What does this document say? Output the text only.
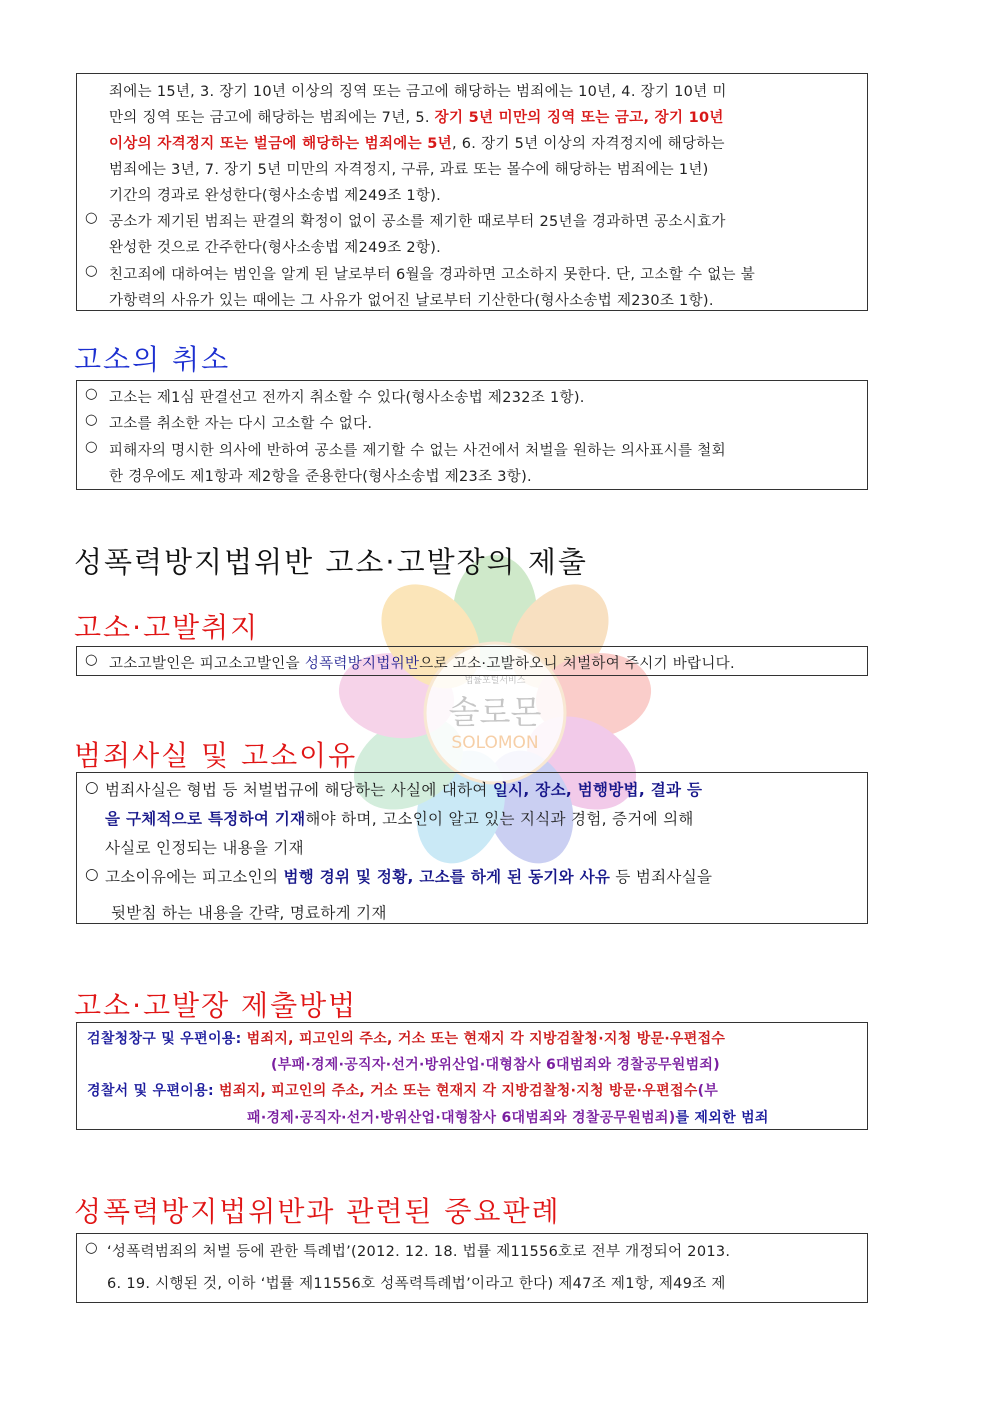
법률포털서비스
솔로몬
SOLOMON
죄에는 15년, 3. 장기 10년 이상의 징역 또는 금고에 해당하는 범죄에는 10년, 4. 장기 10년 미
만의 징역 또는 금고에 해당하는 범죄에는 7년, 5. 장기 5년 미만의 징역 또는 금고, 장기 10년
이상의 자격정지 또는 벌금에 해당하는 범죄에는 5년, 6. 장기 5년 이상의 자격정지에 해당하는
범죄에는 3년, 7. 장기 5년 미만의 자격정지, 구류, 과료 또는 몰수에 해당하는 범죄에는 1년)
기간의 경과로 완성한다(형사소송법 제249조 1항).
○ 공소가 제기된 범죄는 판결의 확정이 없이 공소를 제기한 때로부터 25년을 경과하면 공소시효가
완성한 것으로 간주한다(형사소송법 제249조 2항).
○ 친고죄에 대하여는 범인을 알게 된 날로부터 6월을 경과하면 고소하지 못한다. 단, 고소할 수 없는 불
가항력의 사유가 있는 때에는 그 사유가 없어진 날로부터 기산한다(형사소송법 제230조 1항).
고소의 취소
○ 고소는 제1심 판결선고 전까지 취소할 수 있다(형사소송법 제232조 1항).
○ 고소를 취소한 자는 다시 고소할 수 없다.
○ 피해자의 명시한 의사에 반하여 공소를 제기할 수 없는 사건에서 처벌을 원하는 의사표시를 철회
한 경우에도 제1항과 제2항을 준용한다(형사소송법 제23조 3항).
성폭력방지법위반 고소·고발장의 제출
고소·고발취지
○ 고소고발인은 피고소고발인을 성폭력방지법위반으로 고소·고발하오니 처벌하여 주시기 바랍니다.
범죄사실 및 고소이유
○ 범죄사실은 형법 등 처벌법규에 해당하는 사실에 대하여 일시, 장소, 범행방법, 결과 등
을 구체적으로 특정하여 기재해야 하며, 고소인이 알고 있는 지식과 경험, 증거에 의해
사실로 인정되는 내용을 기재
○ 고소이유에는 피고소인의 범행 경위 및 정황, 고소를 하게 된 동기와 사유 등 범죄사실을
뒷받침 하는 내용을 간략, 명료하게 기재
고소·고발장 제출방법
검찰청창구 및 우편이용: 범죄지, 피고인의 주소, 거소 또는 현재지 각 지방검찰청·지청 방문·우편접수
(부패·경제·공직자·선거·방위산업·대형참사 6대범죄와 경찰공무원범죄)
경찰서 및 우편이용: 범죄지, 피고인의 주소, 거소 또는 현재지 각 지방검찰청·지청 방문·우편접수(부
패·경제·공직자·선거·방위산업·대형참사 6대범죄와 경찰공무원범죄)를 제외한 범죄
성폭력방지법위반과 관련된 중요판례
○ ‘성폭력범죄의 처벌 등에 관한 특례법’(2012. 12. 18. 법률 제11556호로 전부 개정되어 2013.
6. 19. 시행된 것, 이하 ‘법률 제11556호 성폭력특례법’이라고 한다) 제47조 제1항, 제49조 제
